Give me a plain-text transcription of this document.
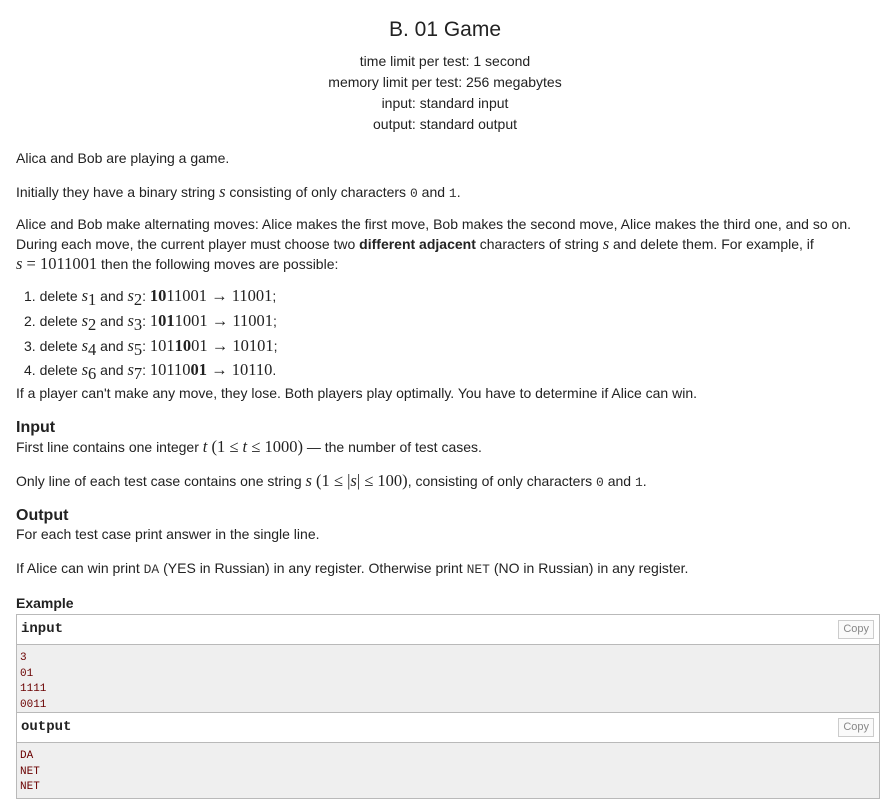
B. 01 Game
time limit per test: 1 second
memory limit per test: 256 megabytes
input: standard input
output: standard output

Alica and Bob are playing a game.

Initially they have a binary string s consisting of only characters 0 and 1.

Alice and Bob make alternating moves: Alice makes the first move, Bob makes the second move, Alice makes the third one, and so on.

During each move, the current player must choose two different adjacent characters of string s and delete them. For example, if

s = 1011001 then the following moves are possible:

1. delete $s_1$ and $s_2$: 1011001 → 11001;
2. delete $s_2$ and $s_3$: 1011001 → 11001;
3. delete $s_4$ and $s_5$: 1011001 → 10101;
4. delete $s_6$ and $s_7$: 1011001 → 10110.

If a player can't make any move, they lose. Both players play optimally. You have to determine if Alice can win.

Input

First line contains one integer t (1 ≤ t ≤ 1000) — the number of test cases.

Only line of each test case contains one string s (1 ≤ |s| ≤ 100), consisting of only characters 0 and 1.

Output

For each test case print answer in the single line.

If Alice can win print DA (YES in Russian) in any register. Otherwise print NET (NO in Russian) in any register.

Example

input	Copy
3
01
1111
0011
output	Copy
DA
NET
NET
